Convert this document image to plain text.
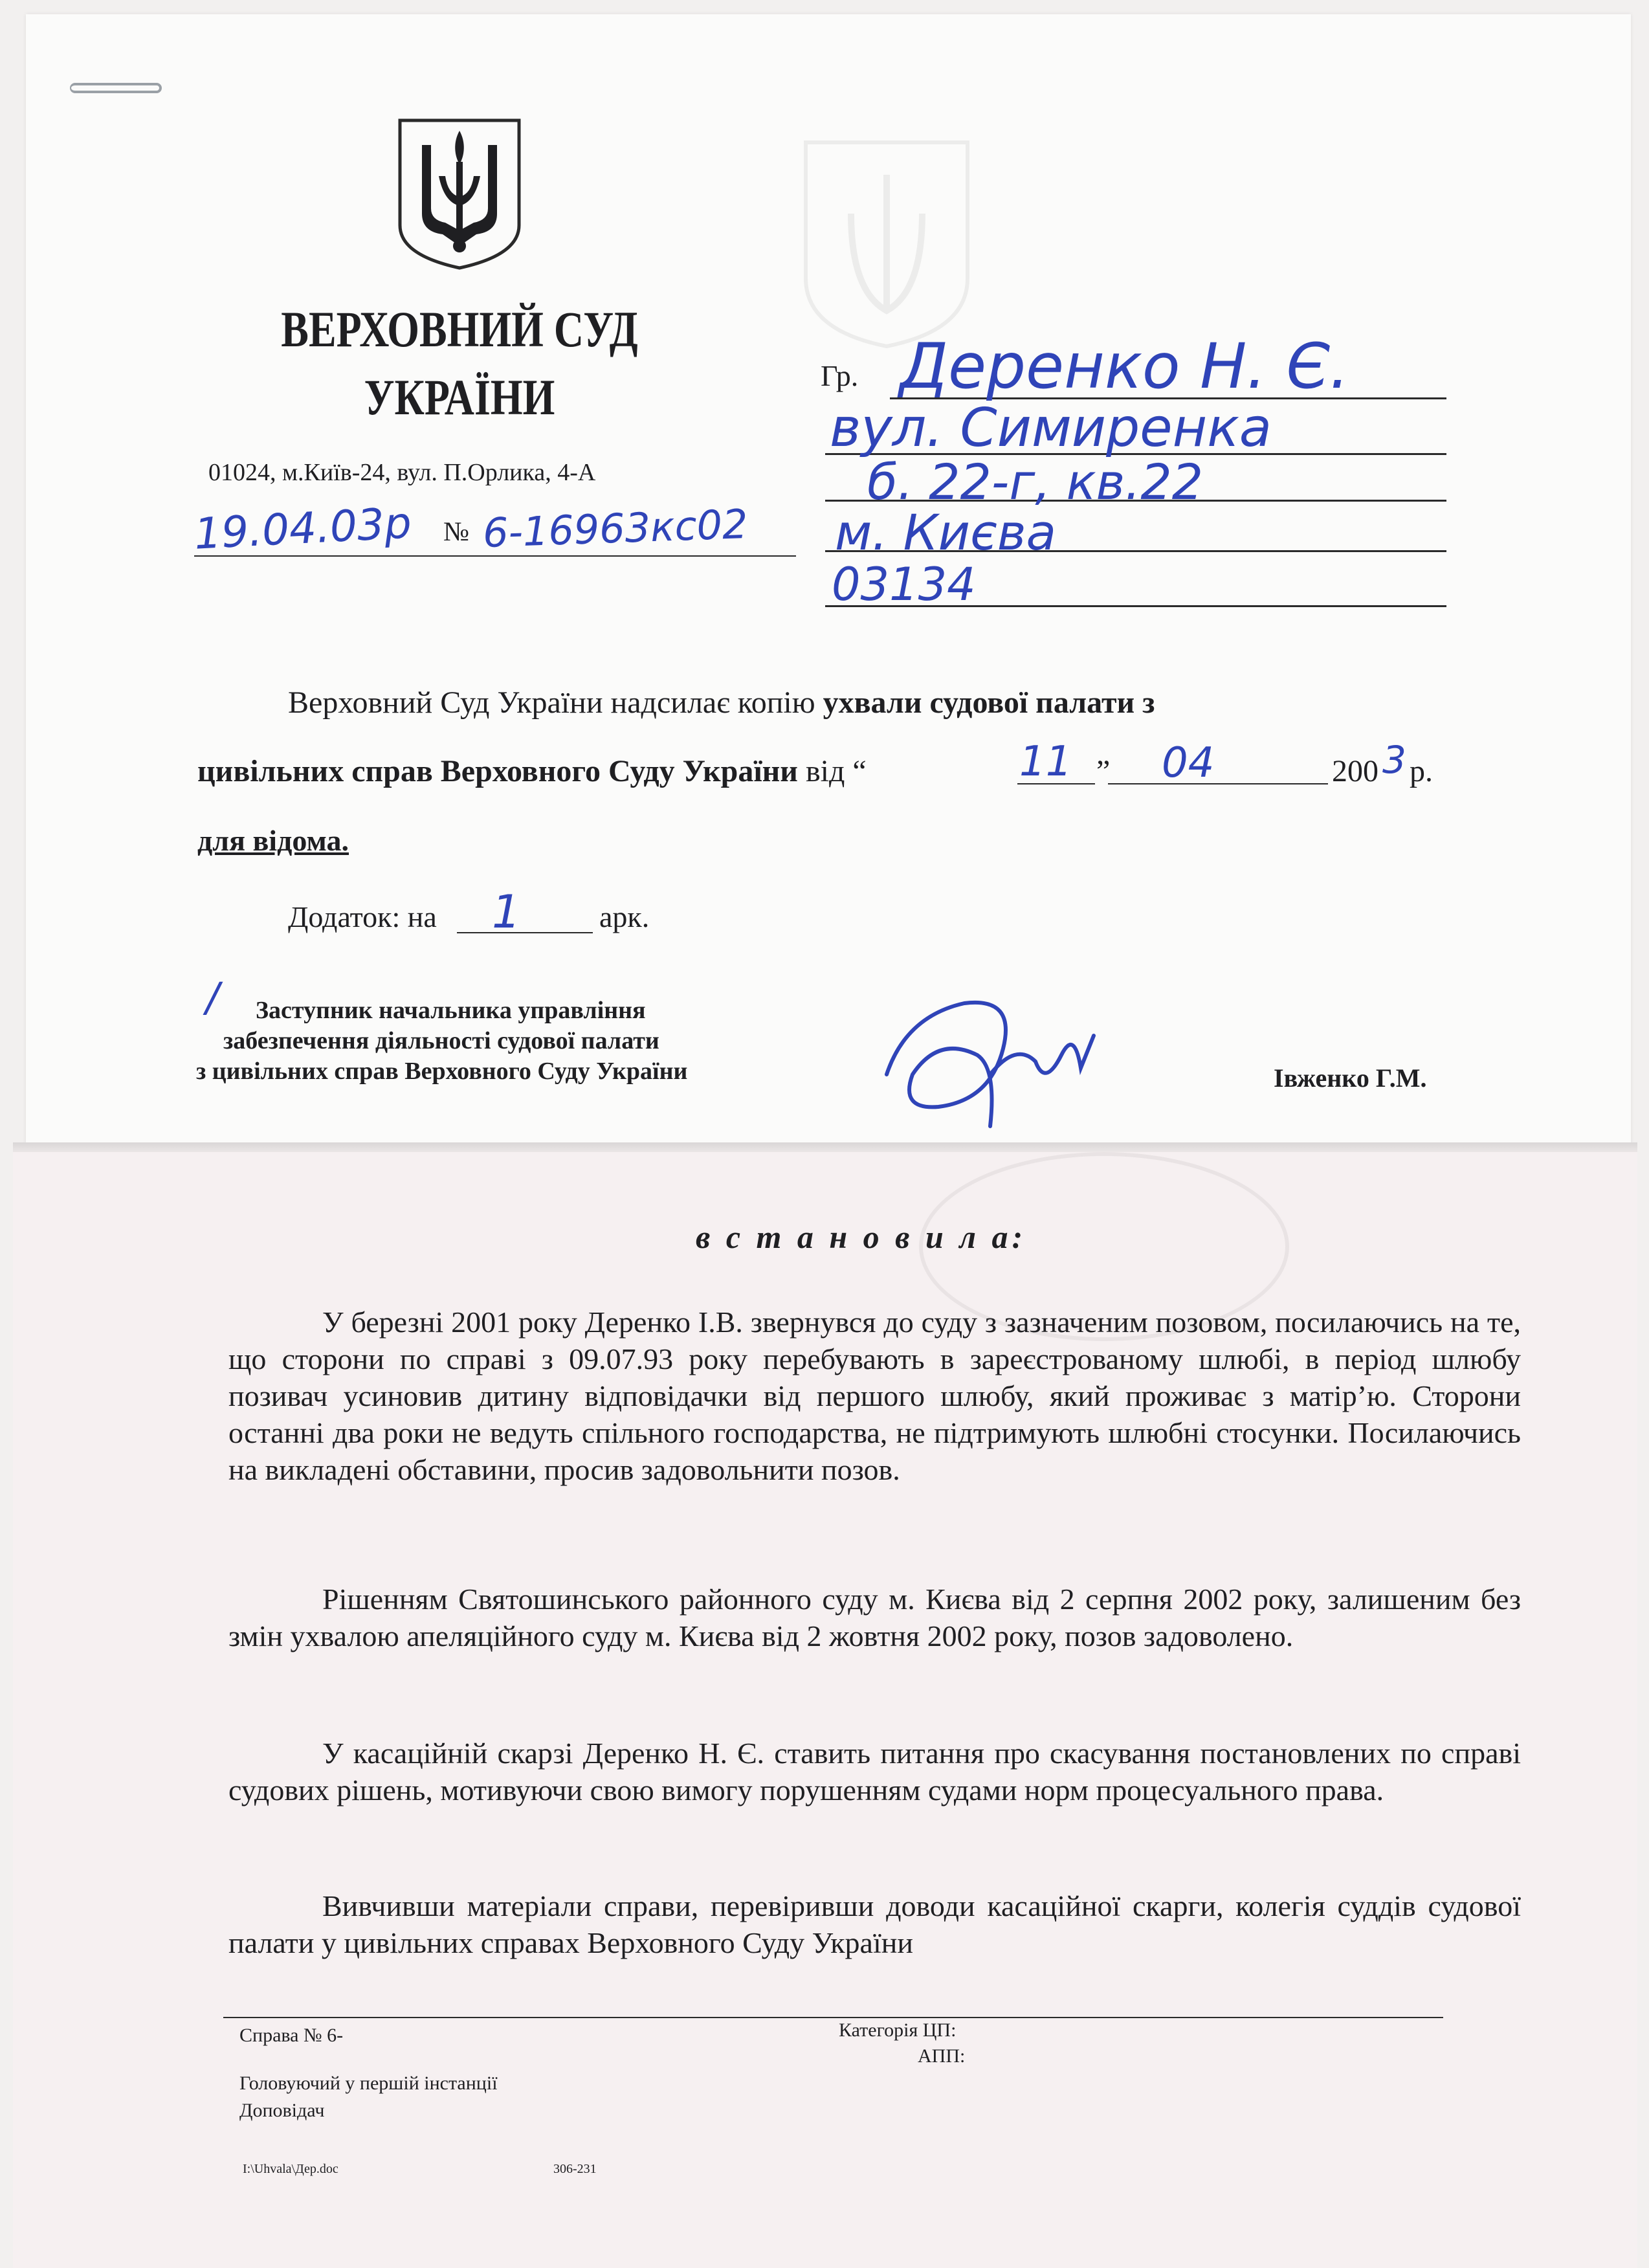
ВЕРХОВНИЙ СУД
УКРАЇНИ
01024, м.Київ-24, вул. П.Орлика, 4-А
19.04.03р № 6-16963кс02
Гр. Деренко Н. Є.
вул. Симиренка
б. 22-г, кв.22
м. Києва
03134
Верховний Суд України надсилає копію ухвали судової палати з
цивільних справ Верховного Суду України від “	11 ” 04	200 3 р.
для відома.
Додаток: на 1	арк.
/ Заступник начальника управління
забезпечення діяльності судової палати
з цивільних справ Верховного Суду України	Івженко Г.М.
в с т а н о в и л а:
У березні 2001 року Деренко І.В. звернувся до суду з зазначеним позовом, посилаючись на те, що сторони по справі з 09.07.93 року перебувають в зареєстрованому шлюбі, в період шлюбу позивач усиновив дитину відповідачки від першого шлюбу, який проживає з матір’ю. Сторони останні два роки не ведуть спільного господарства, не підтримують шлюбні стосунки. Посилаючись на викладені обставини, просив задовольнити позов.
Рішенням Святошинського районного суду м. Києва від 2 серпня 2002 року, залишеним без змін ухвалою апеляційного суду м. Києва від 2 жовтня 2002 року, позов задоволено.
У касаційній скарзі Деренко Н. Є. ставить питання про скасування постановлених по справі судових рішень, мотивуючи свою вимогу порушенням судами норм процесуального права.
Вивчивши матеріали справи, перевіривши доводи касаційної скарги, колегія суддів судової палати у цивільних справах Верховного Суду України
Справа № 6-	Категорія ЦП:
АПП:
Головуючий у першій інстанції
Доповідач
I:\Uhvala\Дер.doc	306-231
